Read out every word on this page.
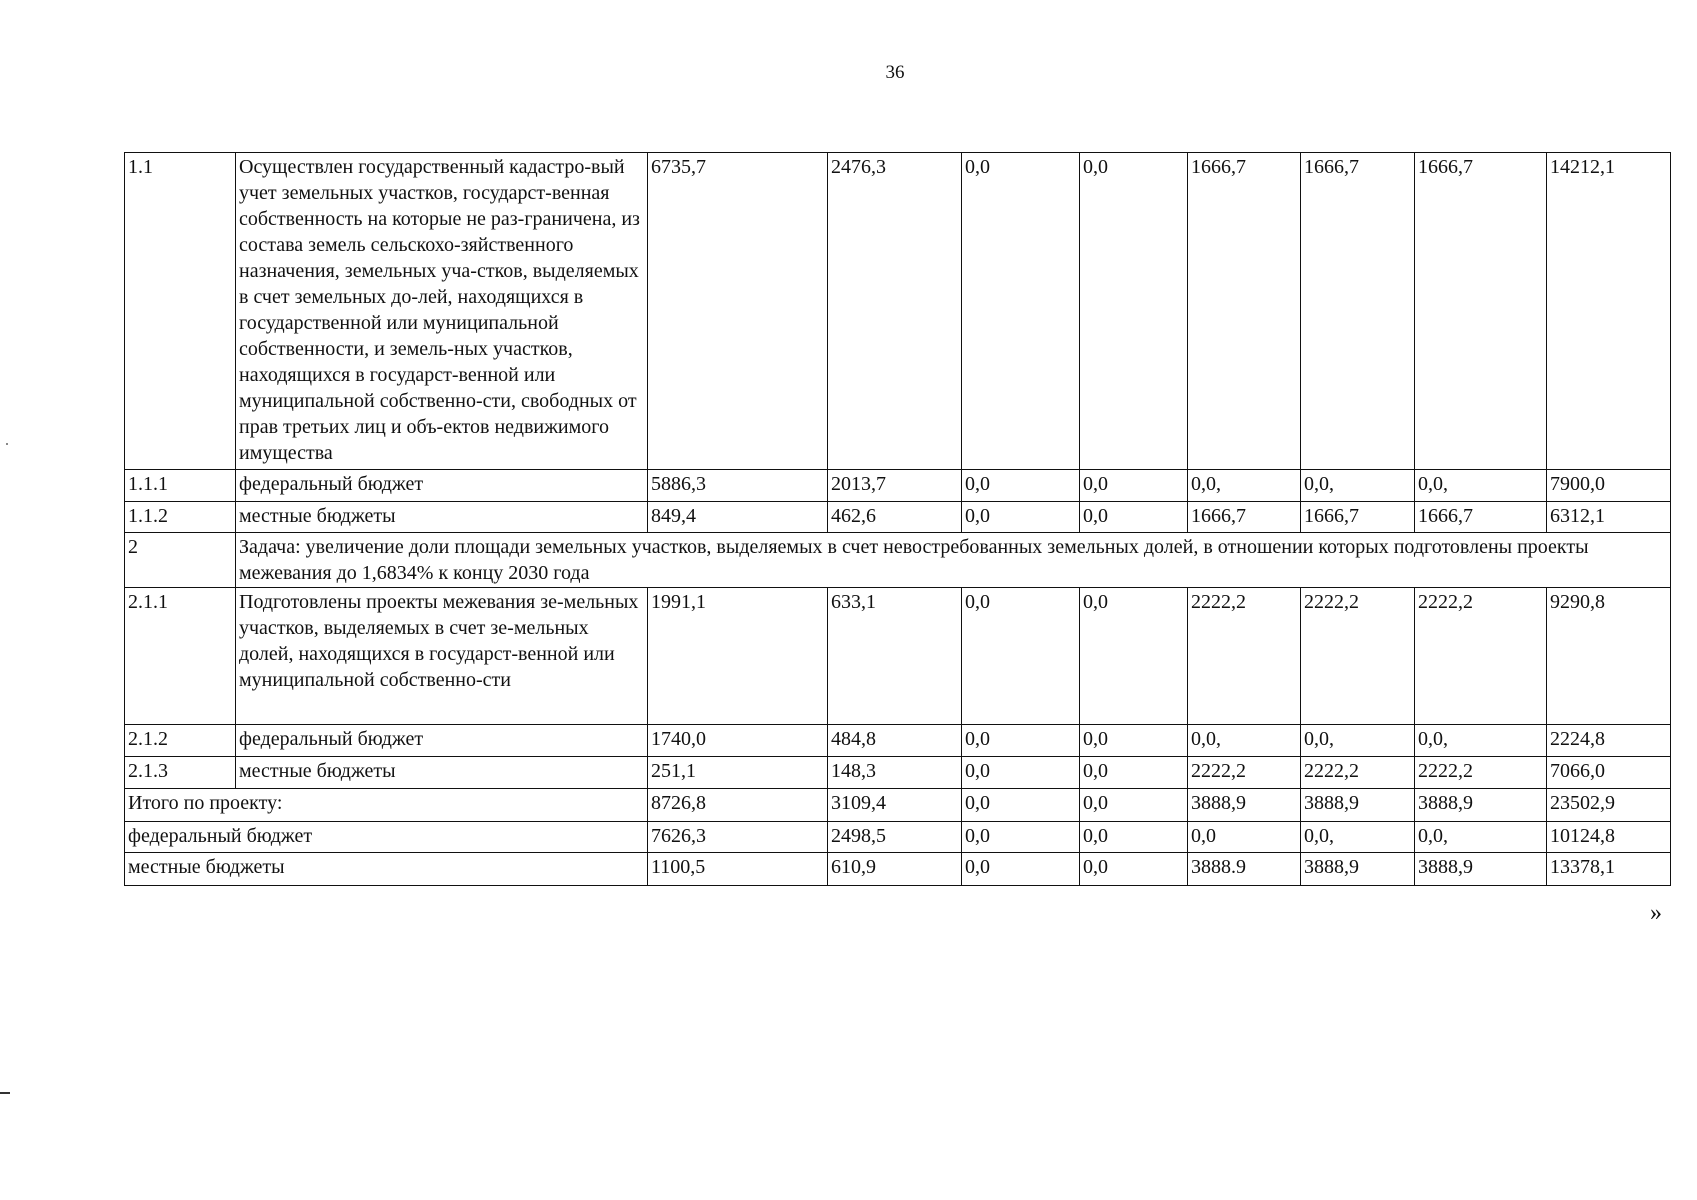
36
1.1	Осуществлен государственный кадастро-вый учет земельных участков, государст-венная собственность на которые не раз-граничена, из состава земель сельскохо-зяйственного назначения, земельных уча-стков, выделяемых в счет земельных до-лей, находящихся в государственной или муниципальной собственности, и земель-ных участков, находящихся в государст-венной или муниципальной собственно-сти, свободных от прав третьих лиц и объ-ектов недвижимого имущества	6735,7	2476,3	0,0	0,0	1666,7	1666,7	1666,7	14212,1
1.1.1	федеральный бюджет	5886,3	2013,7	0,0	0,0	0,0,	0,0,	0,0,	7900,0
1.1.2	местные бюджеты	849,4	462,6	0,0	0,0	1666,7	1666,7	1666,7	6312,1
2	Задача: увеличение доли площади земельных участков, выделяемых в счет невостребованных земельных долей, в отношении которых подготовлены проекты межевания до 1,6834% к концу 2030 года								
2.1.1	Подготовлены проекты межевания зе-мельных участков, выделяемых в счет зе-мельных долей, находящихся в государст-венной или муниципальной собственно-сти	1991,1	633,1	0,0	0,0	2222,2	2222,2	2222,2	9290,8
2.1.2	федеральный бюджет	1740,0	484,8	0,0	0,0	0,0,	0,0,	0,0,	2224,8
2.1.3	местные бюджеты	251,1	148,3	0,0	0,0	2222,2	2222,2	2222,2	7066,0
Итого по проекту:		8726,8	3109,4	0,0	0,0	3888,9	3888,9	3888,9	23502,9
федеральный бюджет		7626,3	2498,5	0,0	0,0	0,0	0,0,	0,0,	10124,8
местные бюджеты		1100,5	610,9	0,0	0,0	3888.9	3888,9	3888,9	13378,1
»
